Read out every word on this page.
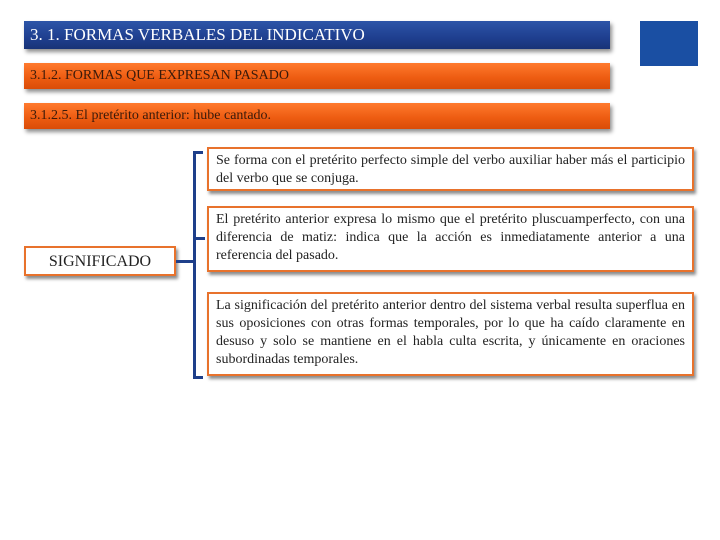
3. 1. FORMAS VERBALES DEL INDICATIVO
3.1.2. FORMAS QUE EXPRESAN PASADO
3.1.2.5. El pretérito anterior: hube cantado.
SIGNIFICADO
Se forma con el pretérito perfecto simple del verbo auxiliar haber más el participio del verbo que se conjuga.
El pretérito anterior expresa lo mismo que el pretérito pluscuamperfecto, con una diferencia de matiz: indica que la acción es inmediatamente anterior a una referencia del pasado.
La significación del pretérito anterior dentro del sistema verbal resulta superflua en sus oposiciones con otras formas temporales, por lo que ha caído claramente en desuso y solo se mantiene en el habla culta escrita, y únicamente en oraciones subordinadas temporales.
